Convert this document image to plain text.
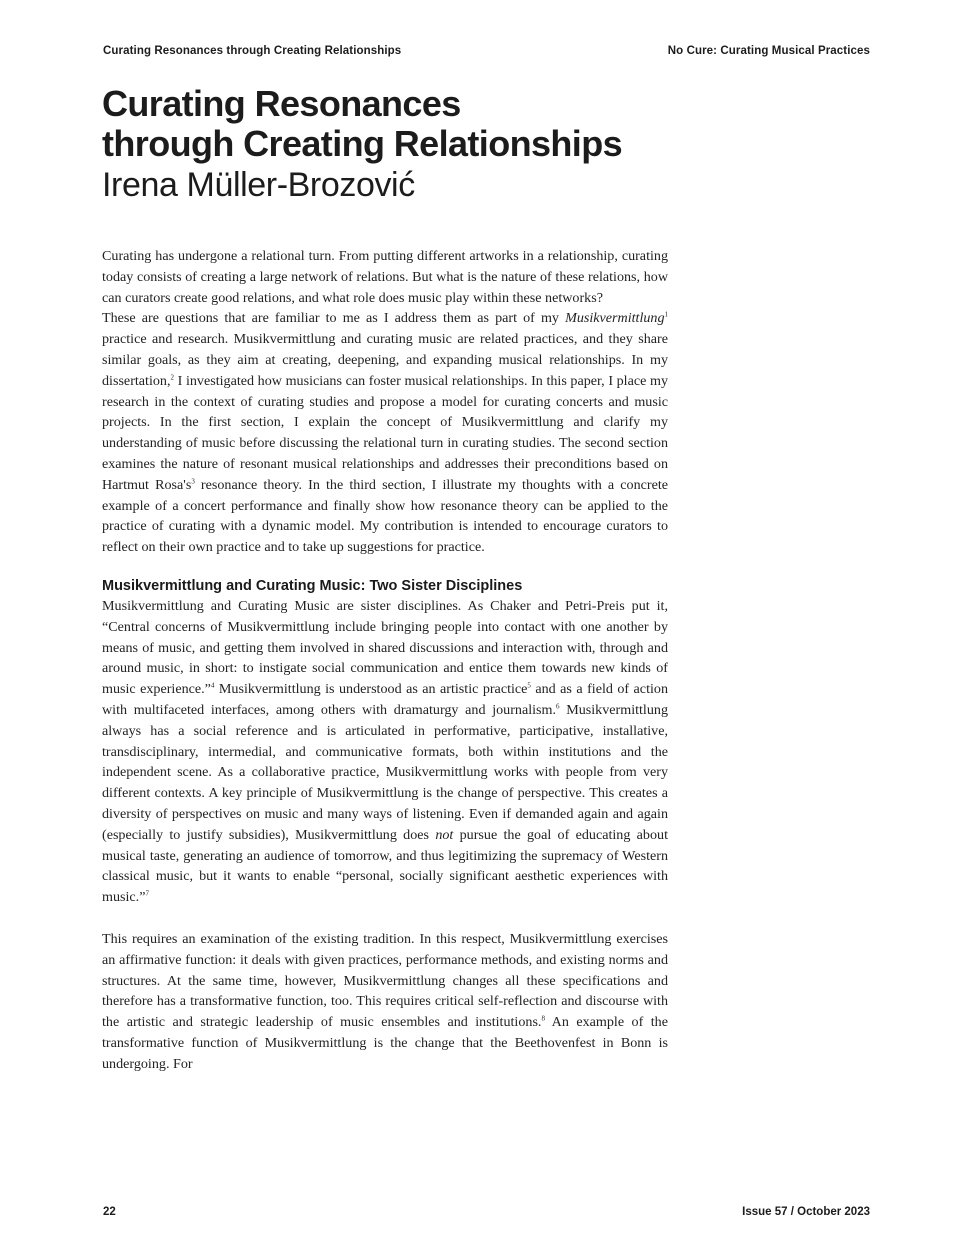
Curating Resonances through Creating Relationships	No Cure: Curating Musical Practices
Curating Resonances
through Creating Relationships
Irena Müller-Brozović

Curating has undergone a relational turn. From putting different artworks in a relationship, curating today consists of creating a large network of relations. But what is the nature of these relations, how can curators create good relations, and what role does music play within these networks?

These are questions that are familiar to me as I address them as part of my Musikvermittlung$^1$ practice and research. Musikvermittlung and curating music are related practices, and they share similar goals, as they aim at creating, deepening, and expanding musical relationships. In my dissertation,$^2$ I investigated how musicians can foster musical relationships. In this paper, I place my research in the context of curating studies and propose a model for curating concerts and music projects. In the first section, I explain the concept of Musikvermittlung and clarify my understanding of music before discussing the relational turn in curating studies. The second section examines the nature of resonant musical relationships and addresses their preconditions based on Hartmut $Rosa's^3$ resonance theory. In the third section, I illustrate my thoughts with a concrete example of a concert performance and finally show how resonance theory can be applied to the practice of curating with a dynamic model. My contribution is intended to encourage curators to reflect on their own practice and to take up suggestions for practice.

Musikvermittlung and Curating Music: Two Sister Disciplines

Musikvermittlung and Curating Music are sister disciplines. As Chaker and Petri-Preis put it, “Central concerns of Musikvermittlung include bringing people into contact with one another by means of music, and getting them involved in shared discussions and interaction with, through and around music, in short: to instigate social communication and entice them towards new kinds of music experience.”$^4$ Musikvermittlung is understood as an artistic practice$^5$ and as a field of action with multifaceted interfaces, among others with dramaturgy and journalism.$^6$ Musikvermittlung always has a social reference and is articulated in performative, participative, installative, transdisciplinary, intermedial, and communicative formats, both within institutions and the independent scene. As a collaborative practice, Musikvermittlung works with people from very different contexts. A key principle of Musikvermittlung is the change of perspective. This creates a diversity of perspectives on music and many ways of listening. Even if demanded again and again (especially to justify subsidies), Musikvermittlung does not pursue the goal of educating about musical taste, generating an audience of tomorrow, and thus legitimizing the supremacy of Western classical music, but it wants to enable “personal, socially significant aesthetic experiences with music.”$^7$

This requires an examination of the existing tradition. In this respect, Musikvermittlung exercises an affirmative function: it deals with given practices, performance methods, and existing norms and structures. At the same time, however, Musikvermittlung changes all these specifications and therefore has a transformative function, too. This requires critical self-reflection and discourse with the artistic and strategic leadership of music ensembles and institutions.$^8$ An example of the transformative function of Musikvermittlung is the change that the Beethovenfest in Bonn is undergoing. For

22	Issue 57 / October 2023
